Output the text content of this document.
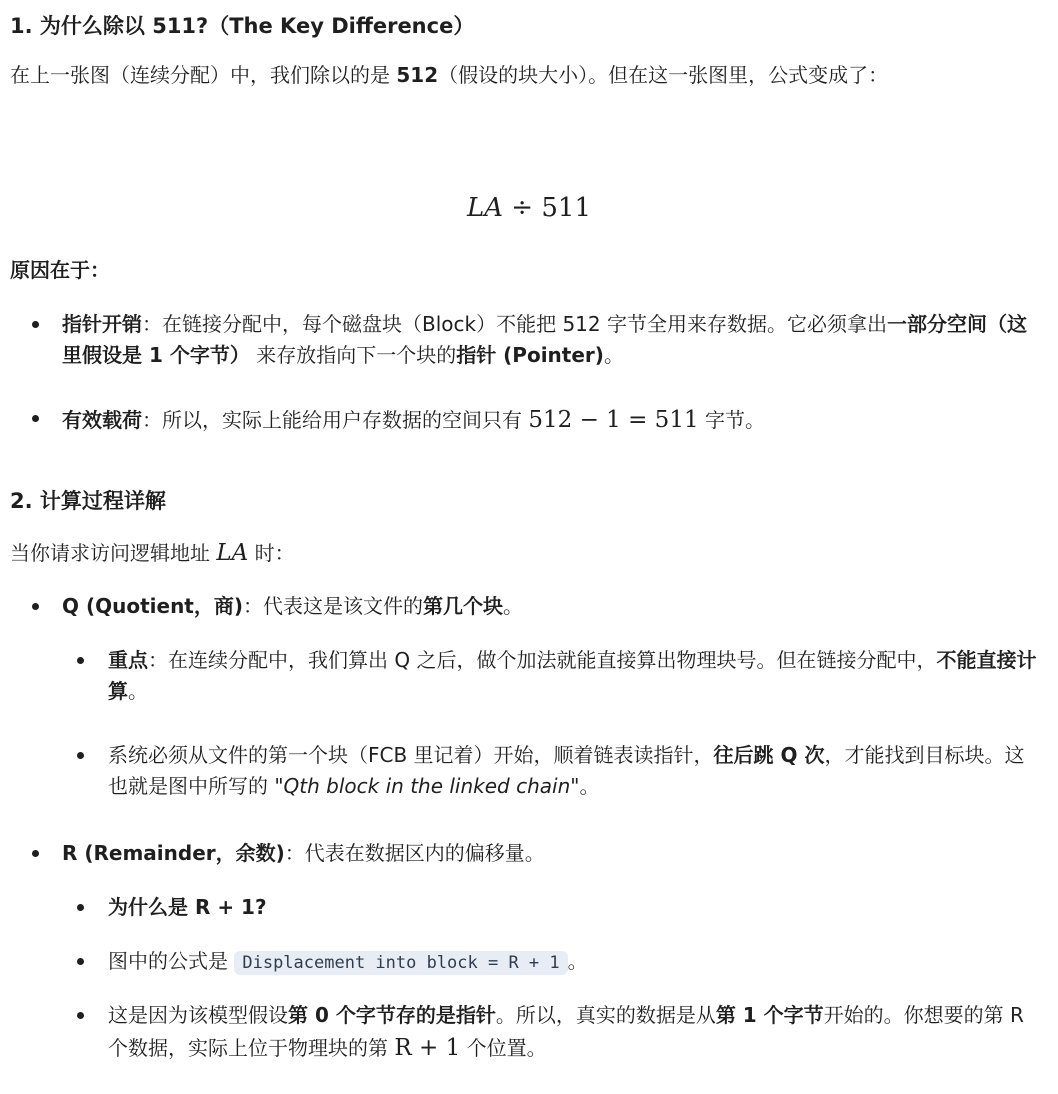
1. 为什么除以 511?（The Key Difference）

在上一张图（连续分配）中，我们除以的是 512（假设的块大小）。但在这一张图里，公式变成了：

LA ÷ 511

原因在于：

指针开销：在链接分配中，每个磁盘块（Block）不能把 512 字节全用来存数据。它必须拿出一部分空间（这里假设是 1 个字节） 来存放指向下一个块的指针 (Pointer)。
有效载荷：所以，实际上能给用户存数据的空间只有 512 − 1 = 511 字节。
2. 计算过程详解

当你请求访问逻辑地址 LA 时：

Q (Quotient，商)：代表这是该文件的第几个块。
重点：在连续分配中，我们算出 Q 之后，做个加法就能直接算出物理块号。但在链接分配中，不能直接计算。
系统必须从文件的第一个块（FCB 里记着）开始，顺着链表读指针，往后跳 Q 次，才能找到目标块。这也就是图中所写的 "Qth block in the linked chain"。
R (Remainder，余数)：代表在数据区内的偏移量。
为什么是 R + 1?
图中的公式是 Displacement into block = R + 1 。
这是因为该模型假设第 0 个字节存的是指针。所以，真实的数据是从第 1 个字节开始的。你想要的第 R 个数据，实际上位于物理块的第 R + 1 个位置。
